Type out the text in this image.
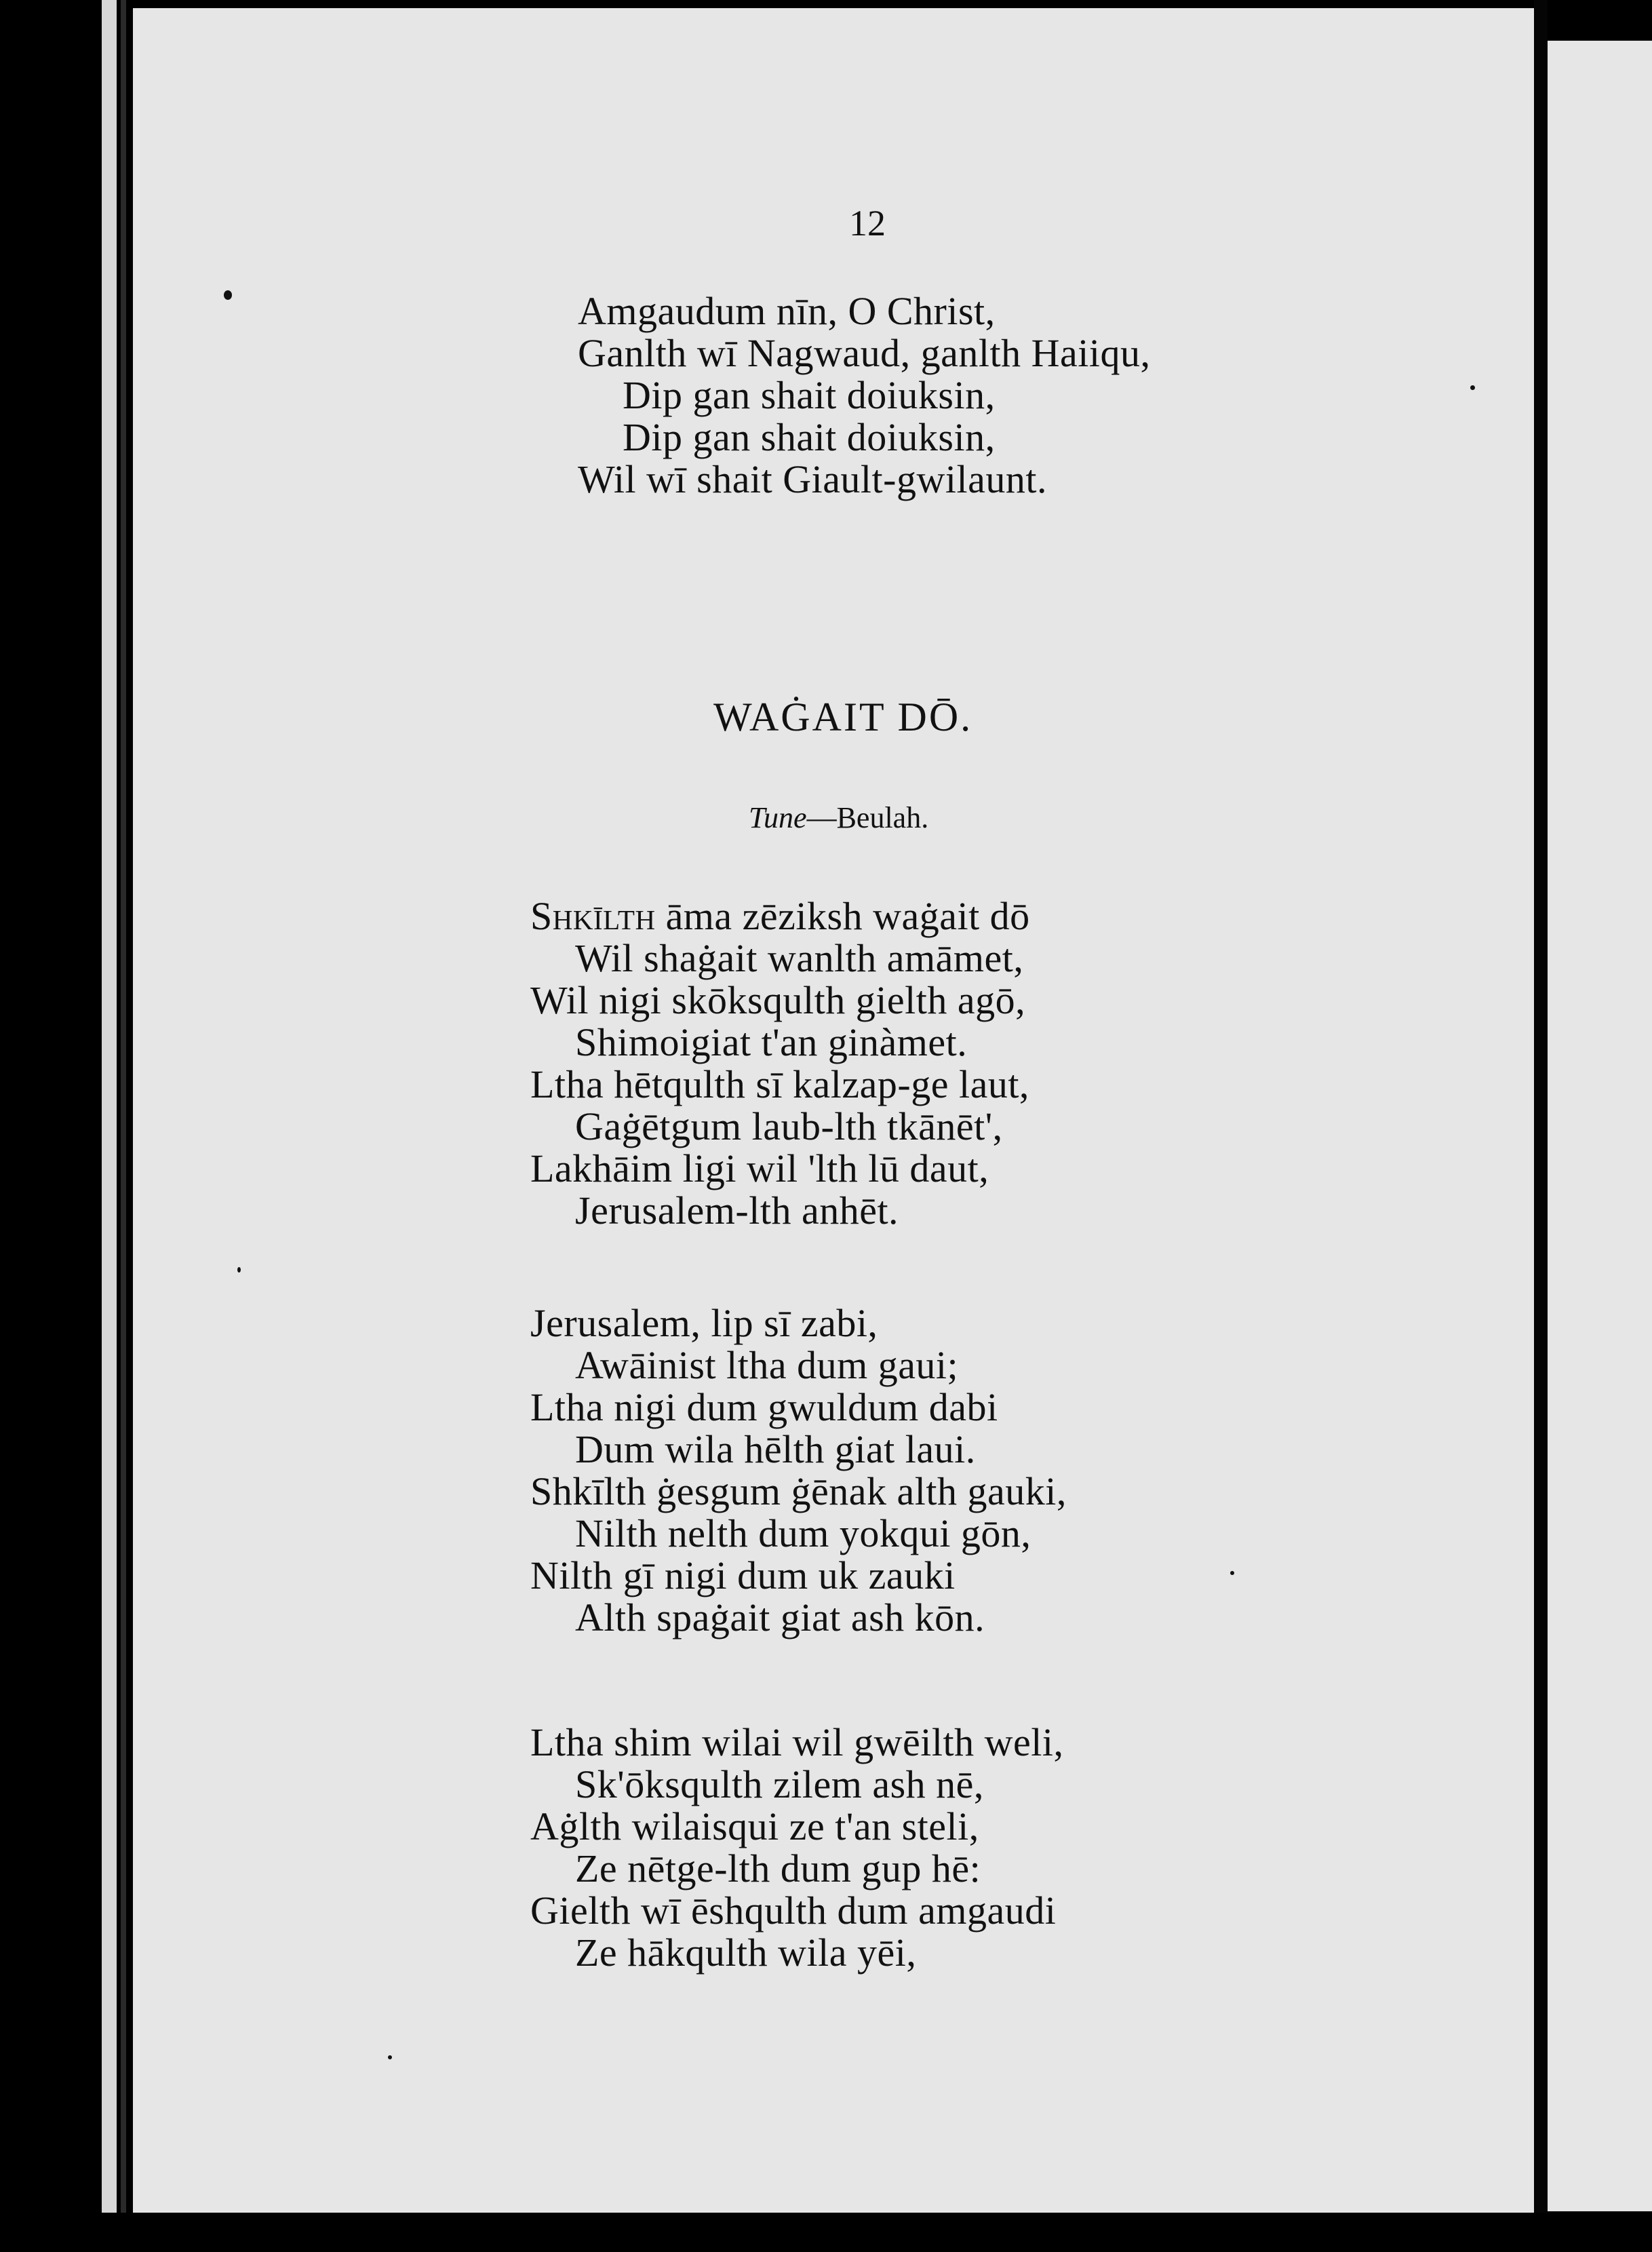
12
Amgaudum nīn, O Christ,
Ganlth wī Nagwaud, ganlth Haiiqu,
Dip gan shait doiuksin,
Dip gan shait doiuksin,
Wil wī shait Giault-gwilaunt.
WAĠAIT DŌ.
Tune—Beulah.
Shkīlth āma zēziksh waġait dō
Wil shaġait wanlth amāmet,
Wil nigi skōksqulth gielth agō,
Shimoigiat t'an ginàmet.
Ltha hētqulth sī kalzap-ge laut,
Gaġētgum laub-lth tkānēt',
Lakhāim ligi wil 'lth lū daut,
Jerusalem-lth anhēt.
Jerusalem, lip sī zabi,
Awāinist ltha dum gaui;
Ltha nigi dum gwuldum dabi
Dum wila hēlth giat laui.
Shkīlth ġesgum ġēnak alth gauki,
Nilth nelth dum yokqui gōn,
Nilth gī nigi dum uk zauki
Alth spaġait giat ash kōn.
Ltha shim wilai wil gwēilth weli,
Sk'ōksqulth zilem ash nē,
Aġlth wilaisqui ze t'an steli,
Ze nētge-lth dum gup hē:
Gielth wī ēshqulth dum amgaudi
Ze hākqulth wila yēi,
